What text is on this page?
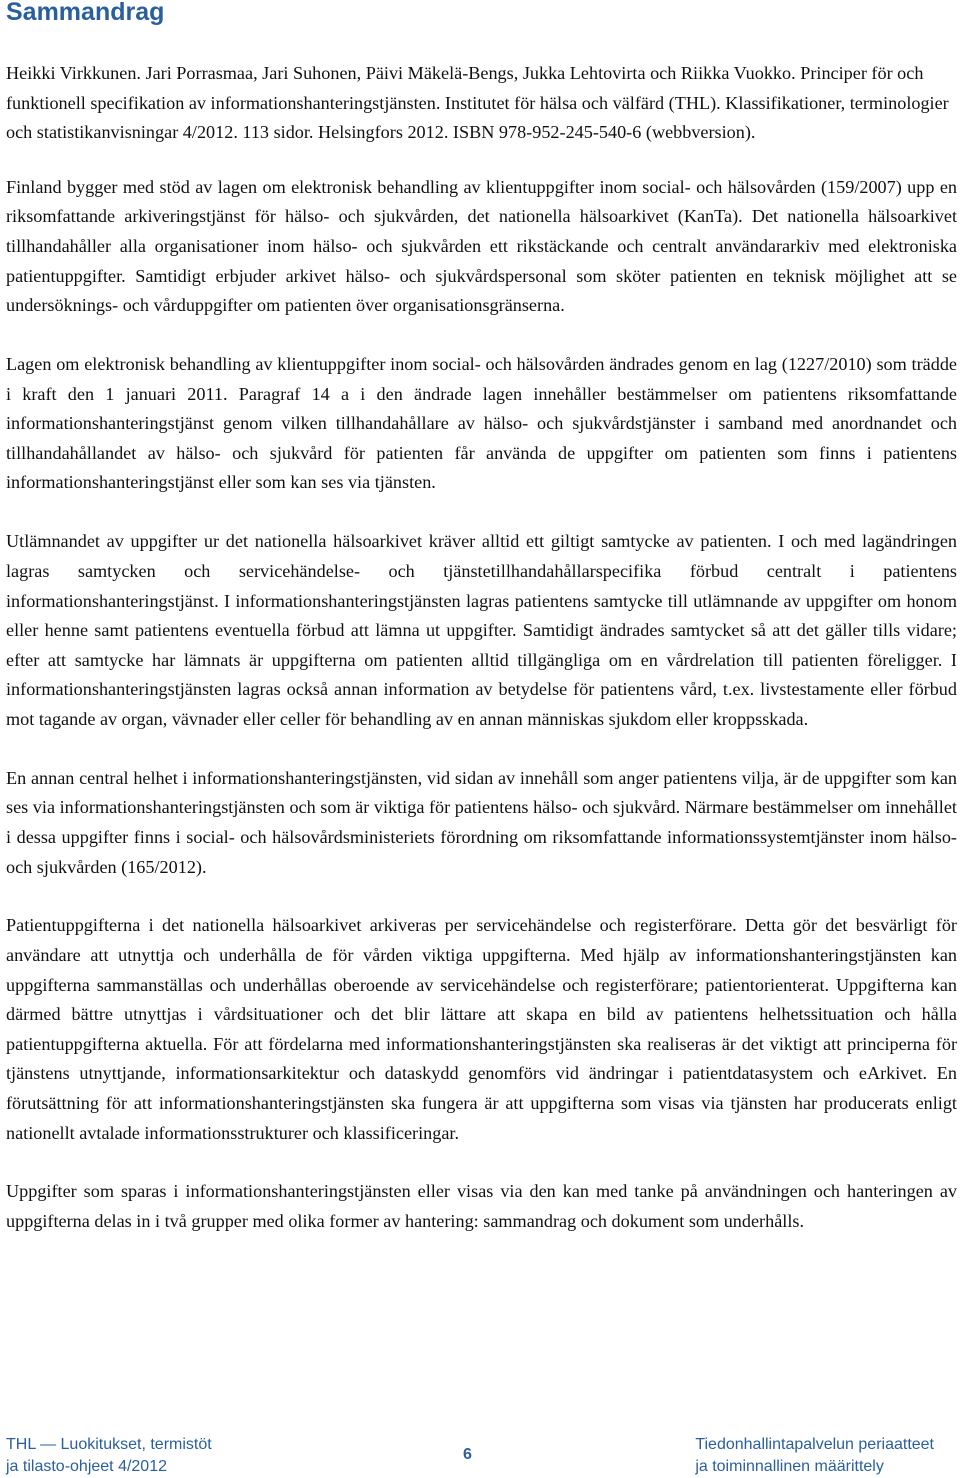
Sammandrag

Heikki Virkkunen. Jari Porrasmaa, Jari Suhonen, Päivi Mäkelä-Bengs, Jukka Lehtovirta och Riikka Vuokko. Principer för och funktionell specifikation av informationshanteringstjänsten. Institutet för hälsa och välfärd (THL). Klassifikationer, terminologier och statistikanvisningar 4/2012. 113 sidor. Helsingfors 2012. ISBN 978-952-245-540-6 (webbversion).

Finland bygger med stöd av lagen om elektronisk behandling av klientuppgifter inom social- och hälsovården (159/2007) upp en riksomfattande arkiveringstjänst för hälso- och sjukvården, det nationella hälsoarkivet (KanTa). Det nationella hälsoarkivet tillhandahåller alla organisationer inom hälso- och sjukvården ett rikstäckande och centralt användararkiv med elektroniska patientuppgifter. Samtidigt erbjuder arkivet hälso- och sjukvårdspersonal som sköter patienten en teknisk möjlighet att se undersöknings- och vårduppgifter om patienten över organisationsgränserna.

Lagen om elektronisk behandling av klientuppgifter inom social- och hälsovården ändrades genom en lag (1227/2010) som trädde i kraft den 1 januari 2011. Paragraf 14 a i den ändrade lagen innehåller bestämmelser om patientens riksomfattande informationshanteringstjänst genom vilken tillhandahållare av hälso- och sjukvårdstjänster i samband med anordnandet och tillhandahållandet av hälso- och sjukvård för patienten får använda de uppgifter om patienten som finns i patientens informationshanteringstjänst eller som kan ses via tjänsten.

Utlämnandet av uppgifter ur det nationella hälsoarkivet kräver alltid ett giltigt samtycke av patienten. I och med lagändringen lagras samtycken och servicehändelse- och tjänstetillhandahållarspecifika förbud centralt i patientens informationshanteringstjänst. I informationshanteringstjänsten lagras patientens samtycke till utlämnande av uppgifter om honom eller henne samt patientens eventuella förbud att lämna ut uppgifter. Samtidigt ändrades samtycket så att det gäller tills vidare; efter att samtycke har lämnats är uppgifterna om patienten alltid tillgängliga om en vårdrelation till patienten föreligger. I informationshanteringstjänsten lagras också annan information av betydelse för patientens vård, t.ex. livstestamente eller förbud mot tagande av organ, vävnader eller celler för behandling av en annan människas sjukdom eller kroppsskada.

En annan central helhet i informationshanteringstjänsten, vid sidan av innehåll som anger patientens vilja, är de uppgifter som kan ses via informationshanteringstjänsten och som är viktiga för patientens hälso- och sjukvård. Närmare bestämmelser om innehållet i dessa uppgifter finns i social- och hälsovårdsministeriets förordning om riksomfattande informationssystemtjänster inom hälso- och sjukvården (165/2012).

Patientuppgifterna i det nationella hälsoarkivet arkiveras per servicehändelse och registerförare. Detta gör det besvärligt för användare att utnyttja och underhålla de för vården viktiga uppgifterna. Med hjälp av informationshanteringstjänsten kan uppgifterna sammanställas och underhållas oberoende av servicehändelse och registerförare; patientorienterat. Uppgifterna kan därmed bättre utnyttjas i vårdsituationer och det blir lättare att skapa en bild av patientens helhetssituation och hålla patientuppgifterna aktuella. För att fördelarna med informationshanteringstjänsten ska realiseras är det viktigt att principerna för tjänstens utnyttjande, informationsarkitektur och dataskydd genomförs vid ändringar i patientdatasystem och eArkivet. En förutsättning för att informationshanteringstjänsten ska fungera är att uppgifterna som visas via tjänsten har producerats enligt nationellt avtalade informationsstrukturer och klassificeringar.

Uppgifter som sparas i informationshanteringstjänsten eller visas via den kan med tanke på användningen och hanteringen av uppgifterna delas in i två grupper med olika former av hantering: sammandrag och dokument som underhålls.

THL — Luokitukset, termistöt
ja tilasto-ohjeet 4/2012
6
Tiedonhallintapalvelun periaatteet
ja toiminnallinen määrittely
